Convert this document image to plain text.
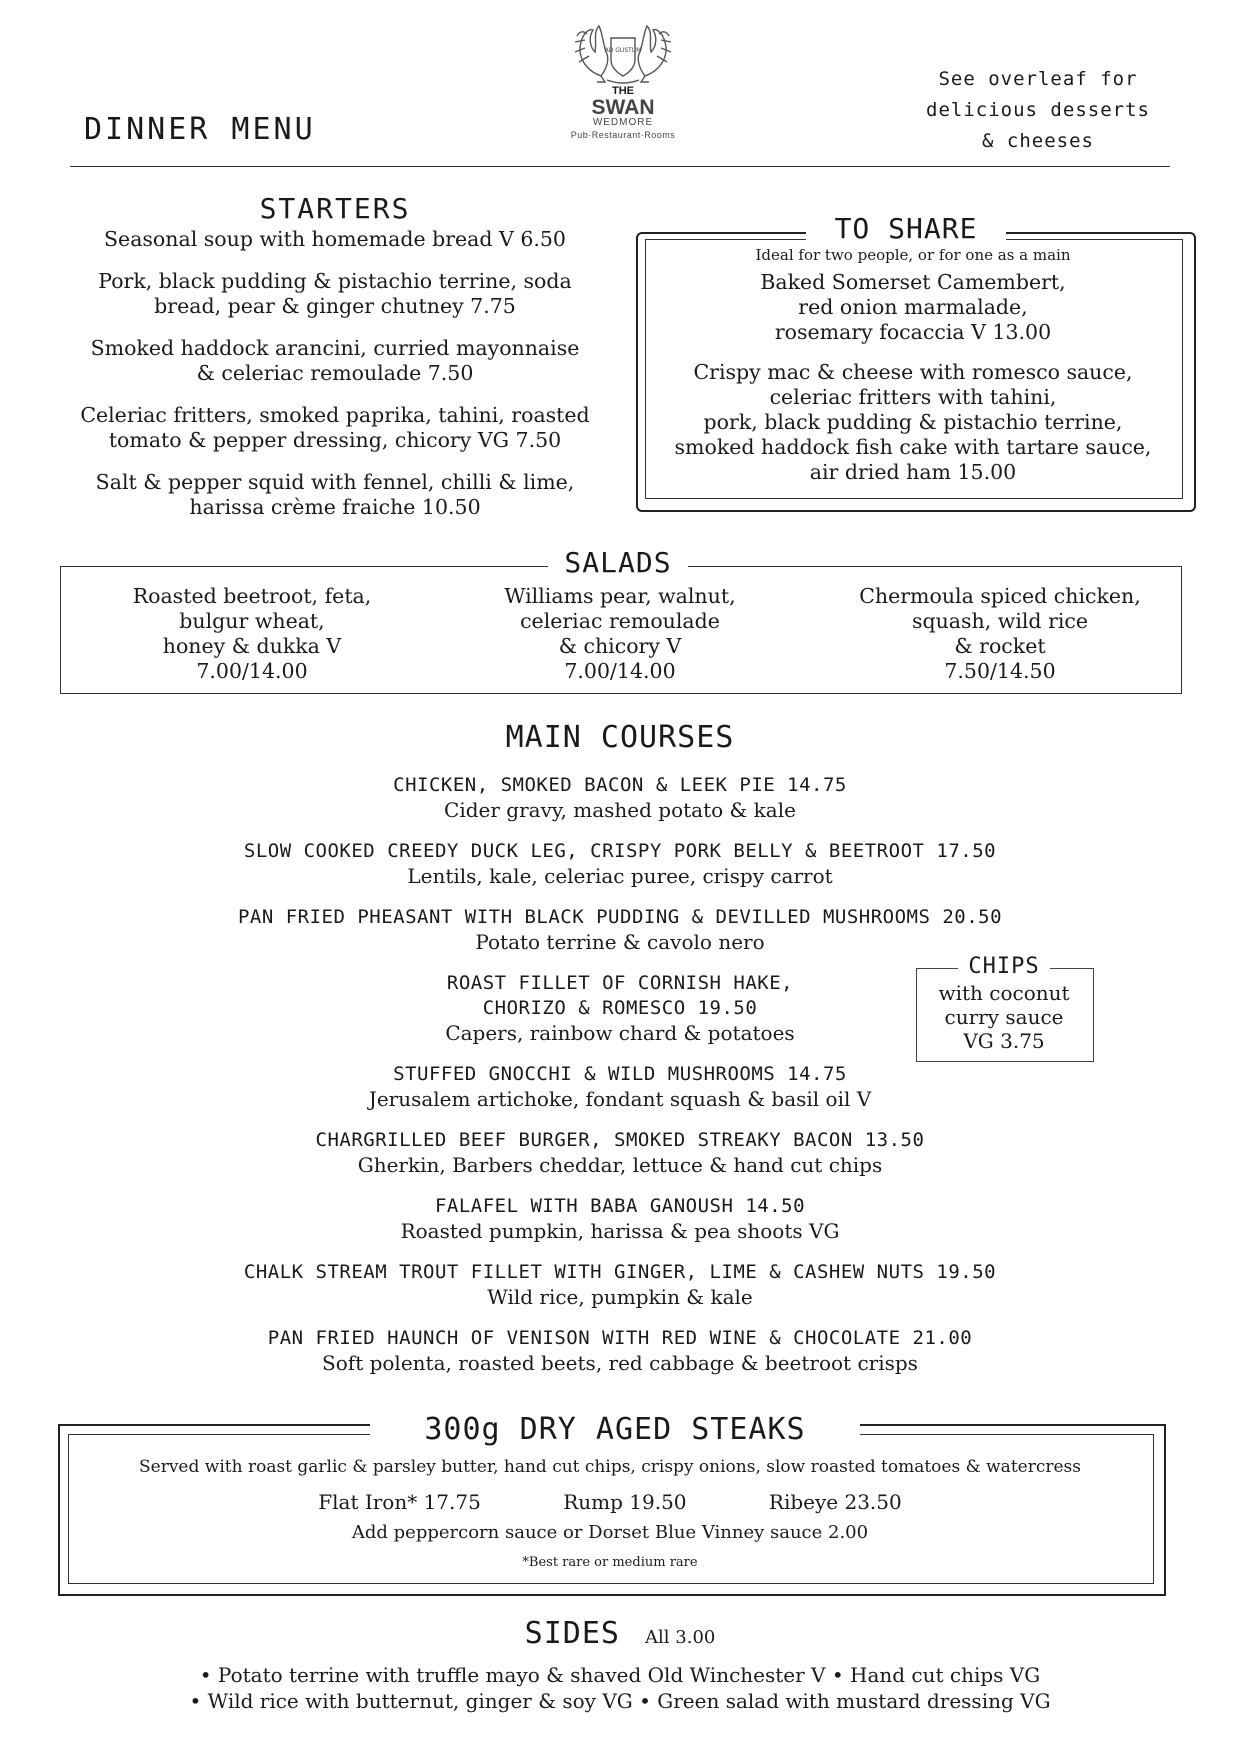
DINNER MENU
AD GUSTUM
THE
SWAN
WEDMORE
Pub·Restaurant·Rooms
See overleaf for
delicious desserts
& cheeses
STARTERS
Seasonal soup with homemade bread V 6.50
Pork, black pudding & pistachio terrine, soda
bread, pear & ginger chutney 7.75
Smoked haddock arancini, curried mayonnaise
& celeriac remoulade 7.50
Celeriac fritters, smoked paprika, tahini, roasted
tomato & pepper dressing, chicory VG 7.50
Salt & pepper squid with fennel, chilli & lime,
harissa crème fraiche 10.50
TO SHARE
Ideal for two people, or for one as a main
Baked Somerset Camembert,
red onion marmalade,
rosemary focaccia V 13.00
Crispy mac & cheese with romesco sauce,
celeriac fritters with tahini,
pork, black pudding & pistachio terrine,
smoked haddock fish cake with tartare sauce,
air dried ham 15.00
SALADS
Roasted beetroot, feta,
bulgur wheat,
honey & dukka V
7.00/14.00
Williams pear, walnut,
celeriac remoulade
& chicory V
7.00/14.00
Chermoula spiced chicken,
squash, wild rice
& rocket
7.50/14.50
MAIN COURSES
CHICKEN, SMOKED BACON & LEEK PIE 14.75
Cider gravy, mashed potato & kale
SLOW COOKED CREEDY DUCK LEG, CRISPY PORK BELLY & BEETROOT 17.50
Lentils, kale, celeriac puree, crispy carrot
PAN FRIED PHEASANT WITH BLACK PUDDING & DEVILLED MUSHROOMS 20.50
Potato terrine & cavolo nero
ROAST FILLET OF CORNISH HAKE,
CHORIZO & ROMESCO 19.50
Capers, rainbow chard & potatoes
STUFFED GNOCCHI & WILD MUSHROOMS 14.75
Jerusalem artichoke, fondant squash & basil oil V
CHARGRILLED BEEF BURGER, SMOKED STREAKY BACON 13.50
Gherkin, Barbers cheddar, lettuce & hand cut chips
FALAFEL WITH BABA GANOUSH 14.50
Roasted pumpkin, harissa & pea shoots VG
CHALK STREAM TROUT FILLET WITH GINGER, LIME & CASHEW NUTS 19.50
Wild rice, pumpkin & kale
PAN FRIED HAUNCH OF VENISON WITH RED WINE & CHOCOLATE 21.00
Soft polenta, roasted beets, red cabbage & beetroot crisps
CHIPS
with coconut
curry sauce
VG 3.75
300g DRY AGED STEAKS
Served with roast garlic & parsley butter, hand cut chips, crispy onions, slow roasted tomatoes & watercress
Flat Iron* 17.75	Rump 19.50	Ribeye 23.50
Add peppercorn sauce or Dorset Blue Vinney sauce 2.00
*Best rare or medium rare
SIDES All 3.00
• Potato terrine with truffle mayo & shaved Old Winchester V • Hand cut chips VG
• Wild rice with butternut, ginger & soy VG • Green salad with mustard dressing VG
